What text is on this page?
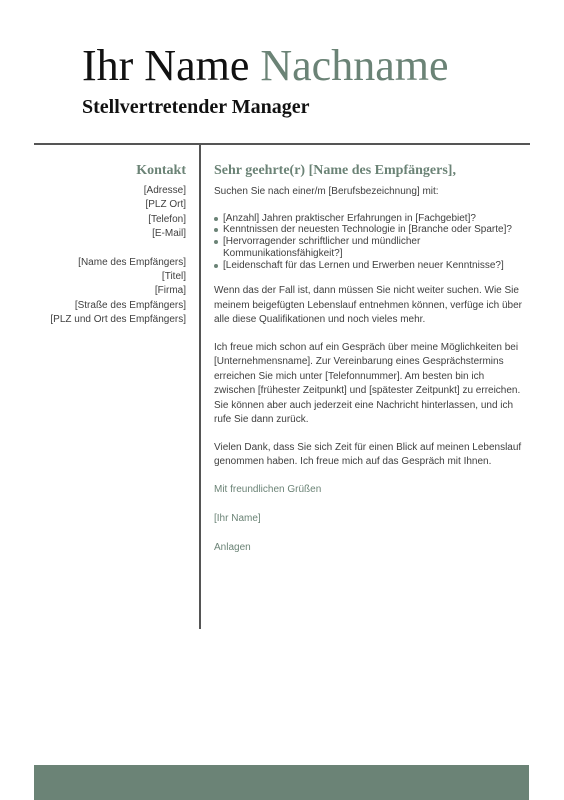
Ihr Name Nachname
Stellvertretender Manager
Kontakt
[Adresse]
[PLZ Ort]
[Telefon]
[E-Mail]
[Name des Empfängers]
[Titel]
[Firma]
[Straße des Empfängers]
[PLZ und Ort des Empfängers]
Sehr geehrte(r) [Name des Empfängers],

Suchen Sie nach einer/m [Berufsbezeichnung] mit:

[Anzahl] Jahren praktischer Erfahrungen in [Fachgebiet]?
Kenntnissen der neuesten Technologie in [Branche oder Sparte]?
[Hervorragender schriftlicher und mündlicher Kommunikationsfähigkeit?]
[Leidenschaft für das Lernen und Erwerben neuer Kenntnisse?]

Wenn das der Fall ist, dann müssen Sie nicht weiter suchen. Wie Sie meinem beigefügten Lebenslauf entnehmen können, verfüge ich über alle diese Qualifikationen und noch vieles mehr.

Ich freue mich schon auf ein Gespräch über meine Möglichkeiten bei [Unternehmensname]. Zur Vereinbarung eines Gesprächstermins erreichen Sie mich unter [Telefonnummer]. Am besten bin ich zwischen [frühester Zeitpunkt] und [spätester Zeitpunkt] zu erreichen. Sie können aber auch jederzeit eine Nachricht hinterlassen, und ich rufe Sie dann zurück.

Vielen Dank, dass Sie sich Zeit für einen Blick auf meinen Lebenslauf genommen haben. Ich freue mich auf das Gespräch mit Ihnen.

Mit freundlichen Grüßen

[Ihr Name]

Anlagen
